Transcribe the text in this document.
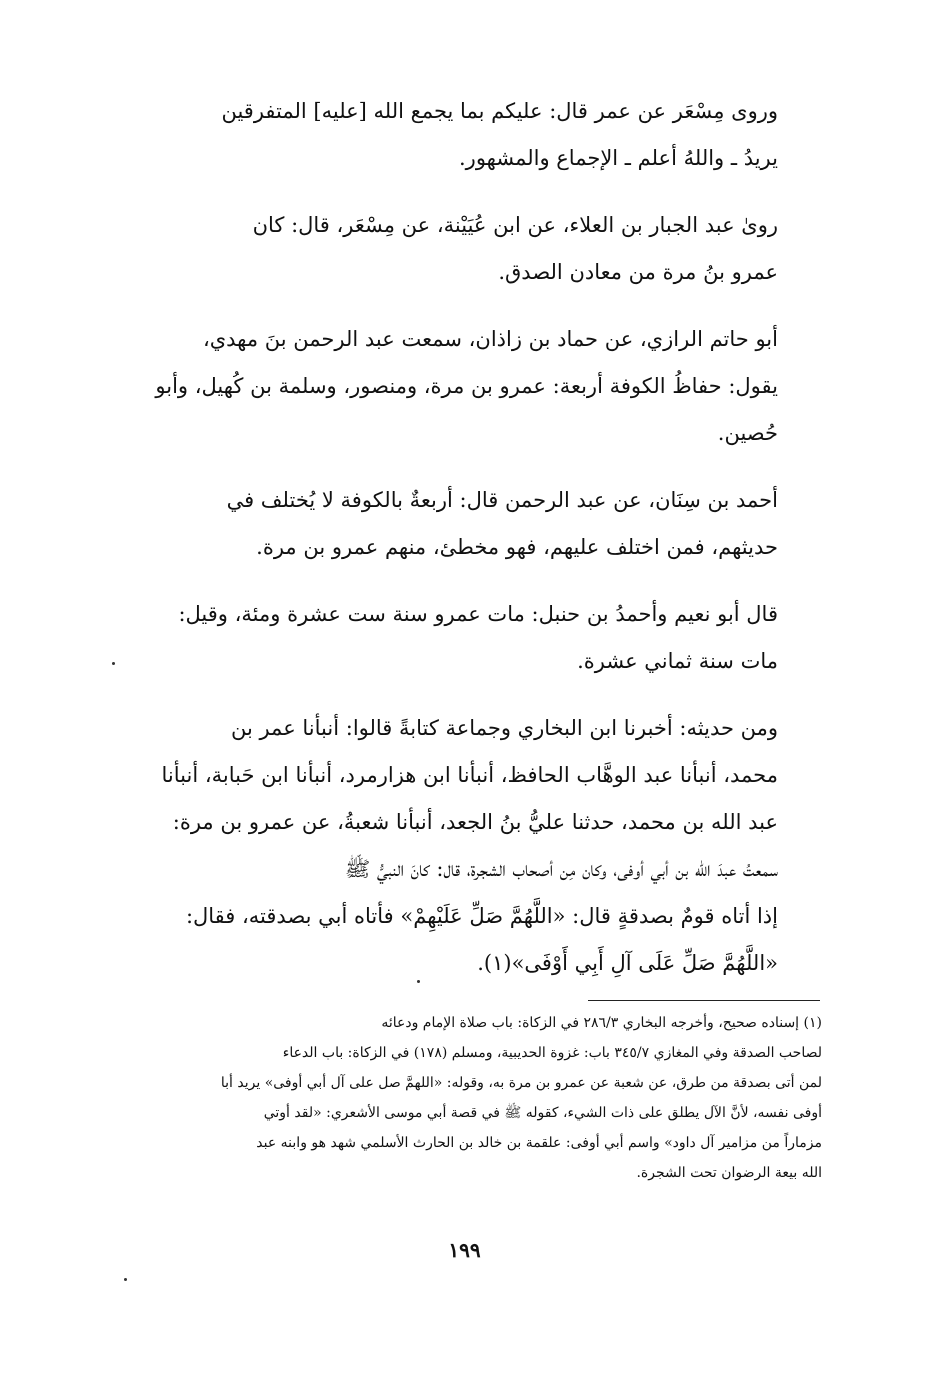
وروى مِسْعَر عن عمر قال: عليكم بما يجمع الله [عليه] المتفرقين
يريدُ ـ واللهُ أعلم ـ الإجماع والمشهور.

روىٰ عبد الجبار بن العلاء، عن ابن عُيَيْنة، عن مِسْعَر، قال: كان
عمرو بنُ مرة من معادن الصدق.

أبو حاتم الرازي، عن حماد بن زاذان، سمعت عبد الرحمن بنَ مهدي،
يقول: حفاظُ الكوفة أربعة: عمرو بن مرة، ومنصور، وسلمة بن كُهيل، وأبو
حُصين.

أحمد بن سِنَان، عن عبد الرحمن قال: أربعةٌ بالكوفة لا يُختلف في
حديثهم، فمن اختلف عليهم، فهو مخطئ، منهم عمرو بن مرة.

قال أبو نعيم وأحمدُ بن حنبل: مات عمرو سنة ست عشرة ومئة، وقيل:
مات سنة ثماني عشرة.

ومن حديثه: أخبرنا ابن البخاري وجماعة كتابةً قالوا: أنبأنا عمر بن
محمد، أنبأنا عبد الوهَّاب الحافظ، أنبأنا ابن هزارمرد، أنبأنا ابن حَبابة، أنبأنا
عبد الله بن محمد، حدثنا عليُّ بنُ الجعد، أنبأنا شعبةُ، عن عمرو بن مرة:
سمعتُ عبدَ الله بن أبي أوفى، وكان مِن أصحاب الشجرة، قال: كانَ النبيُّ ﷺ
إذا أتاه قومٌ بصدقةٍ قال: «اللَّهُمَّ صَلِّ عَلَيْهِمْ» فأتاه أبي بصدقته، فقال:
«اللَّهُمَّ صَلِّ عَلَى آلِ أَبِي أَوْفَى»(١).

(١) إسناده صحيح، وأخرجه البخاري ٢٨٦/٣ في الزكاة: باب صلاة الإمام ودعائه
لصاحب الصدقة وفي المغازي ٣٤٥/٧ باب: غزوة الحديبية، ومسلم (١٧٨) في الزكاة: باب الدعاء
لمن أتى بصدقة من طرق، عن شعبة عن عمرو بن مرة به، وقوله: «اللهمَّ صل على آل أبي أوفى» يريد أبا
أوفى نفسه، لأنَّ الآل يطلق على ذات الشيء، كقوله ﷺ في قصة أبي موسى الأشعري: «لقد أوتي
مزماراً من مزامير آل داود» واسم أبي أوفى: علقمة بن خالد بن الحارث الأسلمي شهد هو وابنه عبد
الله بيعة الرضوان تحت الشجرة.
١٩٩
